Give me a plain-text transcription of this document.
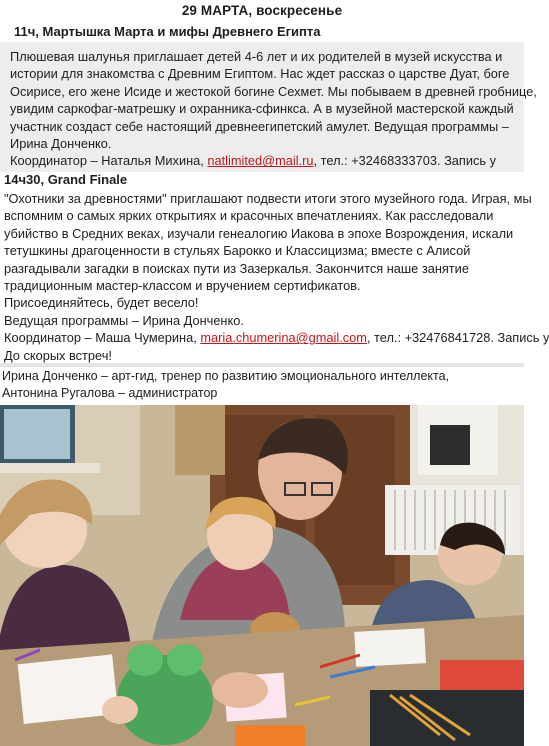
29 МАРТА, воскресенье
11ч, Мартышка Марта и мифы Древнего Египта
Плюшевая шалунья приглашает детей 4-6 лет и их родителей в музей искусства и
истории для знакомства с Древним Египтом. Нас ждет рассказ о царстве Дуат, боге
Осирисе, его жене Исиде и жестокой богине Сехмет. Мы побываем в древней гробнице,
увидим саркофаг-матрешку и охранника-сфинкса. А в музейной мастерской каждый
участник создаст себе настоящий древнеегипетский амулет. Ведущая программы –
Ирина Донченко.
Координатор – Наталья Михина, natlimited@mail.ru, тел.: +32468333703. Запись у
14ч30, Grand Finale
"Охотники за древностями" приглашают подвести итоги этого музейного года. Играя, мы
вспомним о самых ярких открытиях и красочных впечатлениях. Как расследовали
убийство в Средних веках, изучали генеалогию Иакова в эпохе Возрождения, искали
тетушкины драгоценности в стульях Барокко и Классицизма; вместе с Алисой
разгадывали загадки в поисках пути из Зазеркалья. Закончится наше занятие
традиционным мастер-классом и вручением сертификатов.
Присоединяйтесь, будет весело!
Ведущая программы – Ирина Донченко.
Координатор – Маша Чумерина, maria.chumerina@gmail.com, тел.: +32476841728. Запись у
До скорых встреч!
Ирина Донченко – арт-гид, тренер по развитию эмоционального интеллекта,
Антонина Ругалова – администратор
